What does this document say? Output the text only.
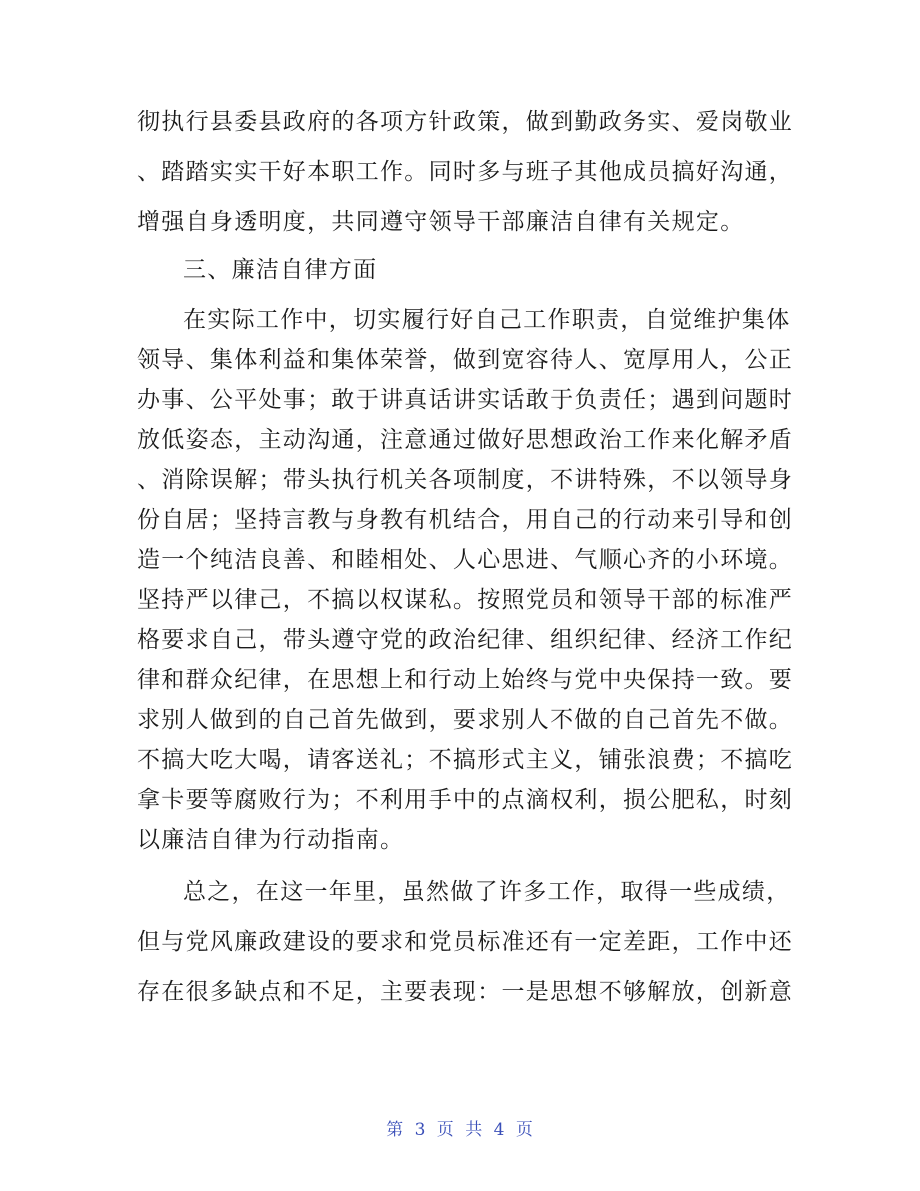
彻执行县委县政府的各项方针政策，做到勤政务实、爱岗敬业
、踏踏实实干好本职工作。同时多与班子其他成员搞好沟通，
增强自身透明度，共同遵守领导干部廉洁自律有关规定。
三、廉洁自律方面
在实际工作中，切实履行好自己工作职责，自觉维护集体
领导、集体利益和集体荣誉，做到宽容待人、宽厚用人，公正
办事、公平处事；敢于讲真话讲实话敢于负责任；遇到问题时
放低姿态，主动沟通，注意通过做好思想政治工作来化解矛盾
、消除误解；带头执行机关各项制度，不讲特殊，不以领导身
份自居；坚持言教与身教有机结合，用自己的行动来引导和创
造一个纯洁良善、和睦相处、人心思进、气顺心齐的小环境。
坚持严以律己，不搞以权谋私。按照党员和领导干部的标准严
格要求自己，带头遵守党的政治纪律、组织纪律、经济工作纪
律和群众纪律，在思想上和行动上始终与党中央保持一致。要
求别人做到的自己首先做到，要求别人不做的自己首先不做。
不搞大吃大喝，请客送礼；不搞形式主义，铺张浪费；不搞吃
拿卡要等腐败行为；不利用手中的点滴权利，损公肥私，时刻
以廉洁自律为行动指南。
总之，在这一年里，虽然做了许多工作，取得一些成绩，
但与党风廉政建设的要求和党员标准还有一定差距，工作中还
存在很多缺点和不足，主要表现：一是思想不够解放，创新意
第 3 页 共 4 页
